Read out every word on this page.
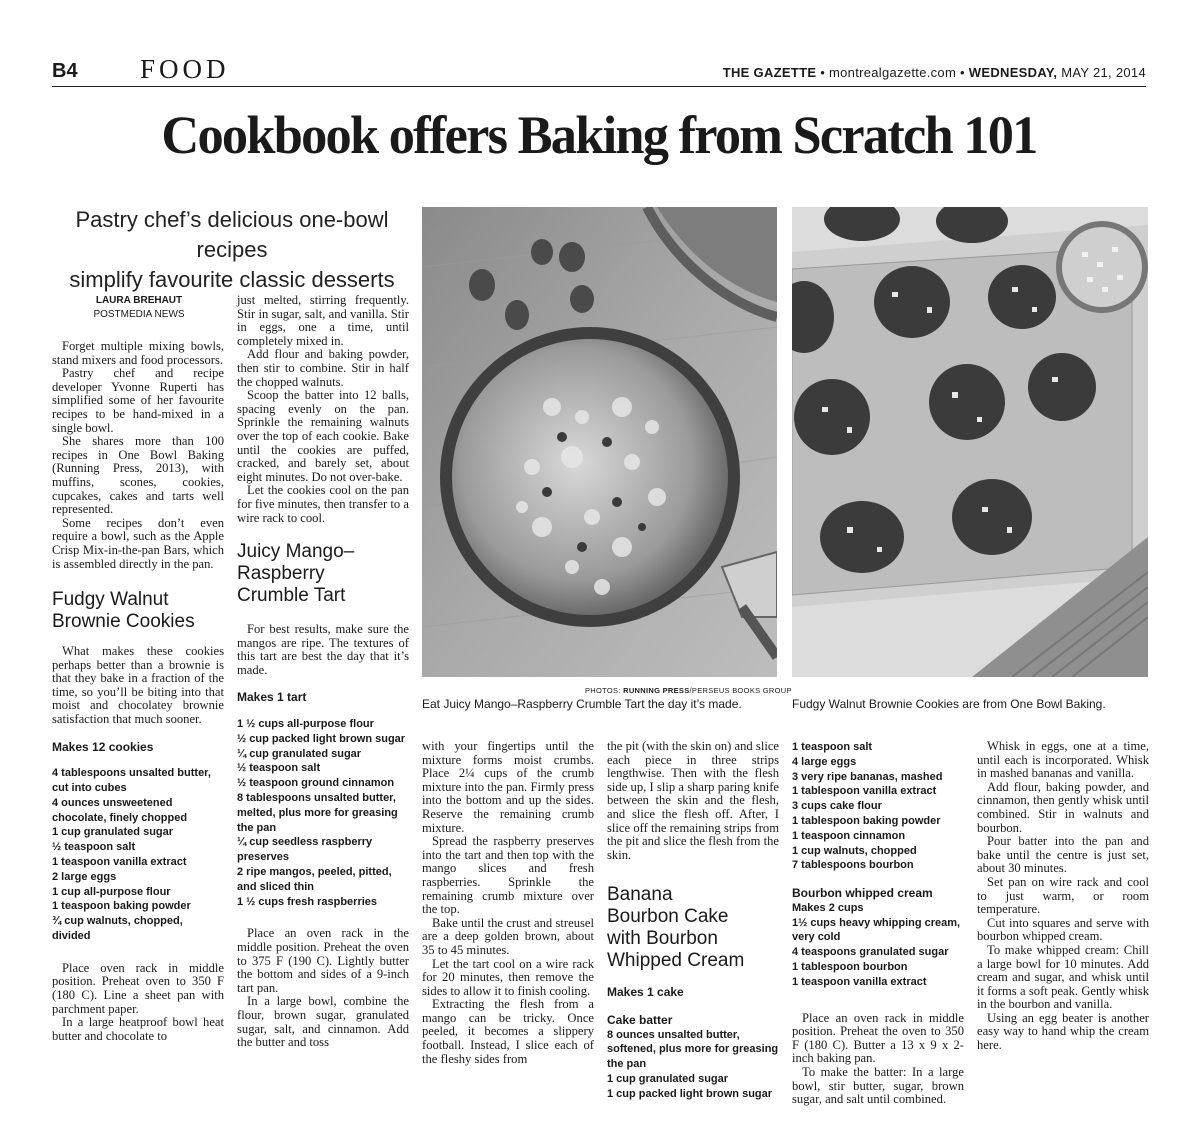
B4 FOOD	THE GAZETTE • montrealgazette.com • WEDNESDAY, MAY 21, 2014
Cookbook offers Baking from Scratch 101
Pastry chef’s delicious one-bowl recipes
simplify favourite classic desserts
LAURA BREHAUT
POSTMEDIA NEWS

Forget multiple mixing bowls, stand mixers and food processors.

Pastry chef and recipe developer Yvonne Ruperti has simplified some of her favourite recipes to be hand-mixed in a single bowl.

She shares more than 100 recipes in One Bowl Baking (Running Press, 2013), with muffins, scones, cookies, cupcakes, cakes and tarts well represented.

Some recipes don’t even require a bowl, such as the Apple Crisp Mix-in-the-pan Bars, which is assembled directly in the pan.

Fudgy Walnut
Brownie Cookies

What makes these cookies perhaps better than a brownie is that they bake in a fraction of the time, so you’ll be biting into that moist and chocolatey brownie satisfaction that much sooner.

Makes 12 cookies

4 tablespoons unsalted butter, cut into cubes
4 ounces unsweetened chocolate, finely chopped
1 cup granulated sugar
½ teaspoon salt
1 teaspoon vanilla extract
2 large eggs
1 cup all-purpose flour
1 teaspoon baking powder
¾ cup walnuts, chopped, divided

Place oven rack in middle position. Preheat oven to 350 F (180 C). Line a sheet pan with parchment paper.

In a large heatproof bowl heat butter and chocolate to

just melted, stirring frequently. Stir in sugar, salt, and vanilla. Stir in eggs, one a time, until completely mixed in.

Add flour and baking powder, then stir to combine. Stir in half the chopped walnuts.

Scoop the batter into 12 balls, spacing evenly on the pan. Sprinkle the remaining walnuts over the top of each cookie. Bake until the cookies are puffed, cracked, and barely set, about eight minutes. Do not over-bake.

Let the cookies cool on the pan for five minutes, then transfer to a wire rack to cool.

Juicy Mango–
Raspberry
Crumble Tart

For best results, make sure the mangos are ripe. The textures of this tart are best the day that it’s made.

Makes 1 tart

1 ½ cups all-purpose flour
½ cup packed light brown sugar
¼ cup granulated sugar
½ teaspoon salt
½ teaspoon ground cinnamon
8 tablespoons unsalted butter, melted, plus more for greasing the pan
¼ cup seedless raspberry preserves
2 ripe mangos, peeled, pitted, and sliced thin
1 ½ cups fresh raspberries

Place an oven rack in the middle position. Preheat the oven to 375 F (190 C). Lightly butter the bottom and sides of a 9-inch tart pan.

In a large bowl, combine the flour, brown sugar, granulated sugar, salt, and cinnamon. Add the butter and toss

PHOTOS: RUNNING PRESS/PERSEUS BOOKS GROUP
Eat Juicy Mango–Raspberry Crumble Tart the day it’s made.	Fudgy Walnut Brownie Cookies are from One Bowl Baking.

with your fingertips until the mixture forms moist crumbs. Place 2¼ cups of the crumb mixture into the pan. Firmly press into the bottom and up the sides. Reserve the remaining crumb mixture.

Spread the raspberry preserves into the tart and then top with the mango slices and fresh raspberries. Sprinkle the remaining crumb mixture over the top.

Bake until the crust and streusel are a deep golden brown, about 35 to 45 minutes.

Let the tart cool on a wire rack for 20 minutes, then remove the sides to allow it to finish cooling.

Extracting the flesh from a mango can be tricky. Once peeled, it becomes a slippery football. Instead, I slice each of the fleshy sides from

the pit (with the skin on) and slice each piece in three strips lengthwise. Then with the flesh side up, I slip a sharp paring knife between the skin and the flesh, and slice the flesh off. After, I slice off the remaining strips from the pit and slice the flesh from the skin.

Banana
Bourbon Cake
with Bourbon
Whipped Cream

Makes 1 cake

Cake batter

8 ounces unsalted butter, softened, plus more for greasing the pan
1 cup granulated sugar
1 cup packed light brown sugar
1 teaspoon salt
4 large eggs
3 very ripe bananas, mashed
1 tablespoon vanilla extract
3 cups cake flour
1 tablespoon baking powder
1 teaspoon cinnamon
1 cup walnuts, chopped
7 tablespoons bourbon

Bourbon whipped cream

Makes 2 cups
1½ cups heavy whipping cream, very cold
4 teaspoons granulated sugar
1 tablespoon bourbon
1 teaspoon vanilla extract

Place an oven rack in middle position. Preheat the oven to 350 F (180 C). Butter a 13 x 9 x 2-inch baking pan.

To make the batter: In a large bowl, stir butter, sugar, brown sugar, and salt until combined.

Whisk in eggs, one at a time, until each is incorporated. Whisk in mashed bananas and vanilla.

Add flour, baking powder, and cinnamon, then gently whisk until combined. Stir in walnuts and bourbon.

Pour batter into the pan and bake until the centre is just set, about 30 minutes.

Set pan on wire rack and cool to just warm, or room temperature.

Cut into squares and serve with bourbon whipped cream.

To make whipped cream: Chill a large bowl for 10 minutes. Add cream and sugar, and whisk until it forms a soft peak. Gently whisk in the bourbon and vanilla.

Using an egg beater is another easy way to hand whip the cream here.
